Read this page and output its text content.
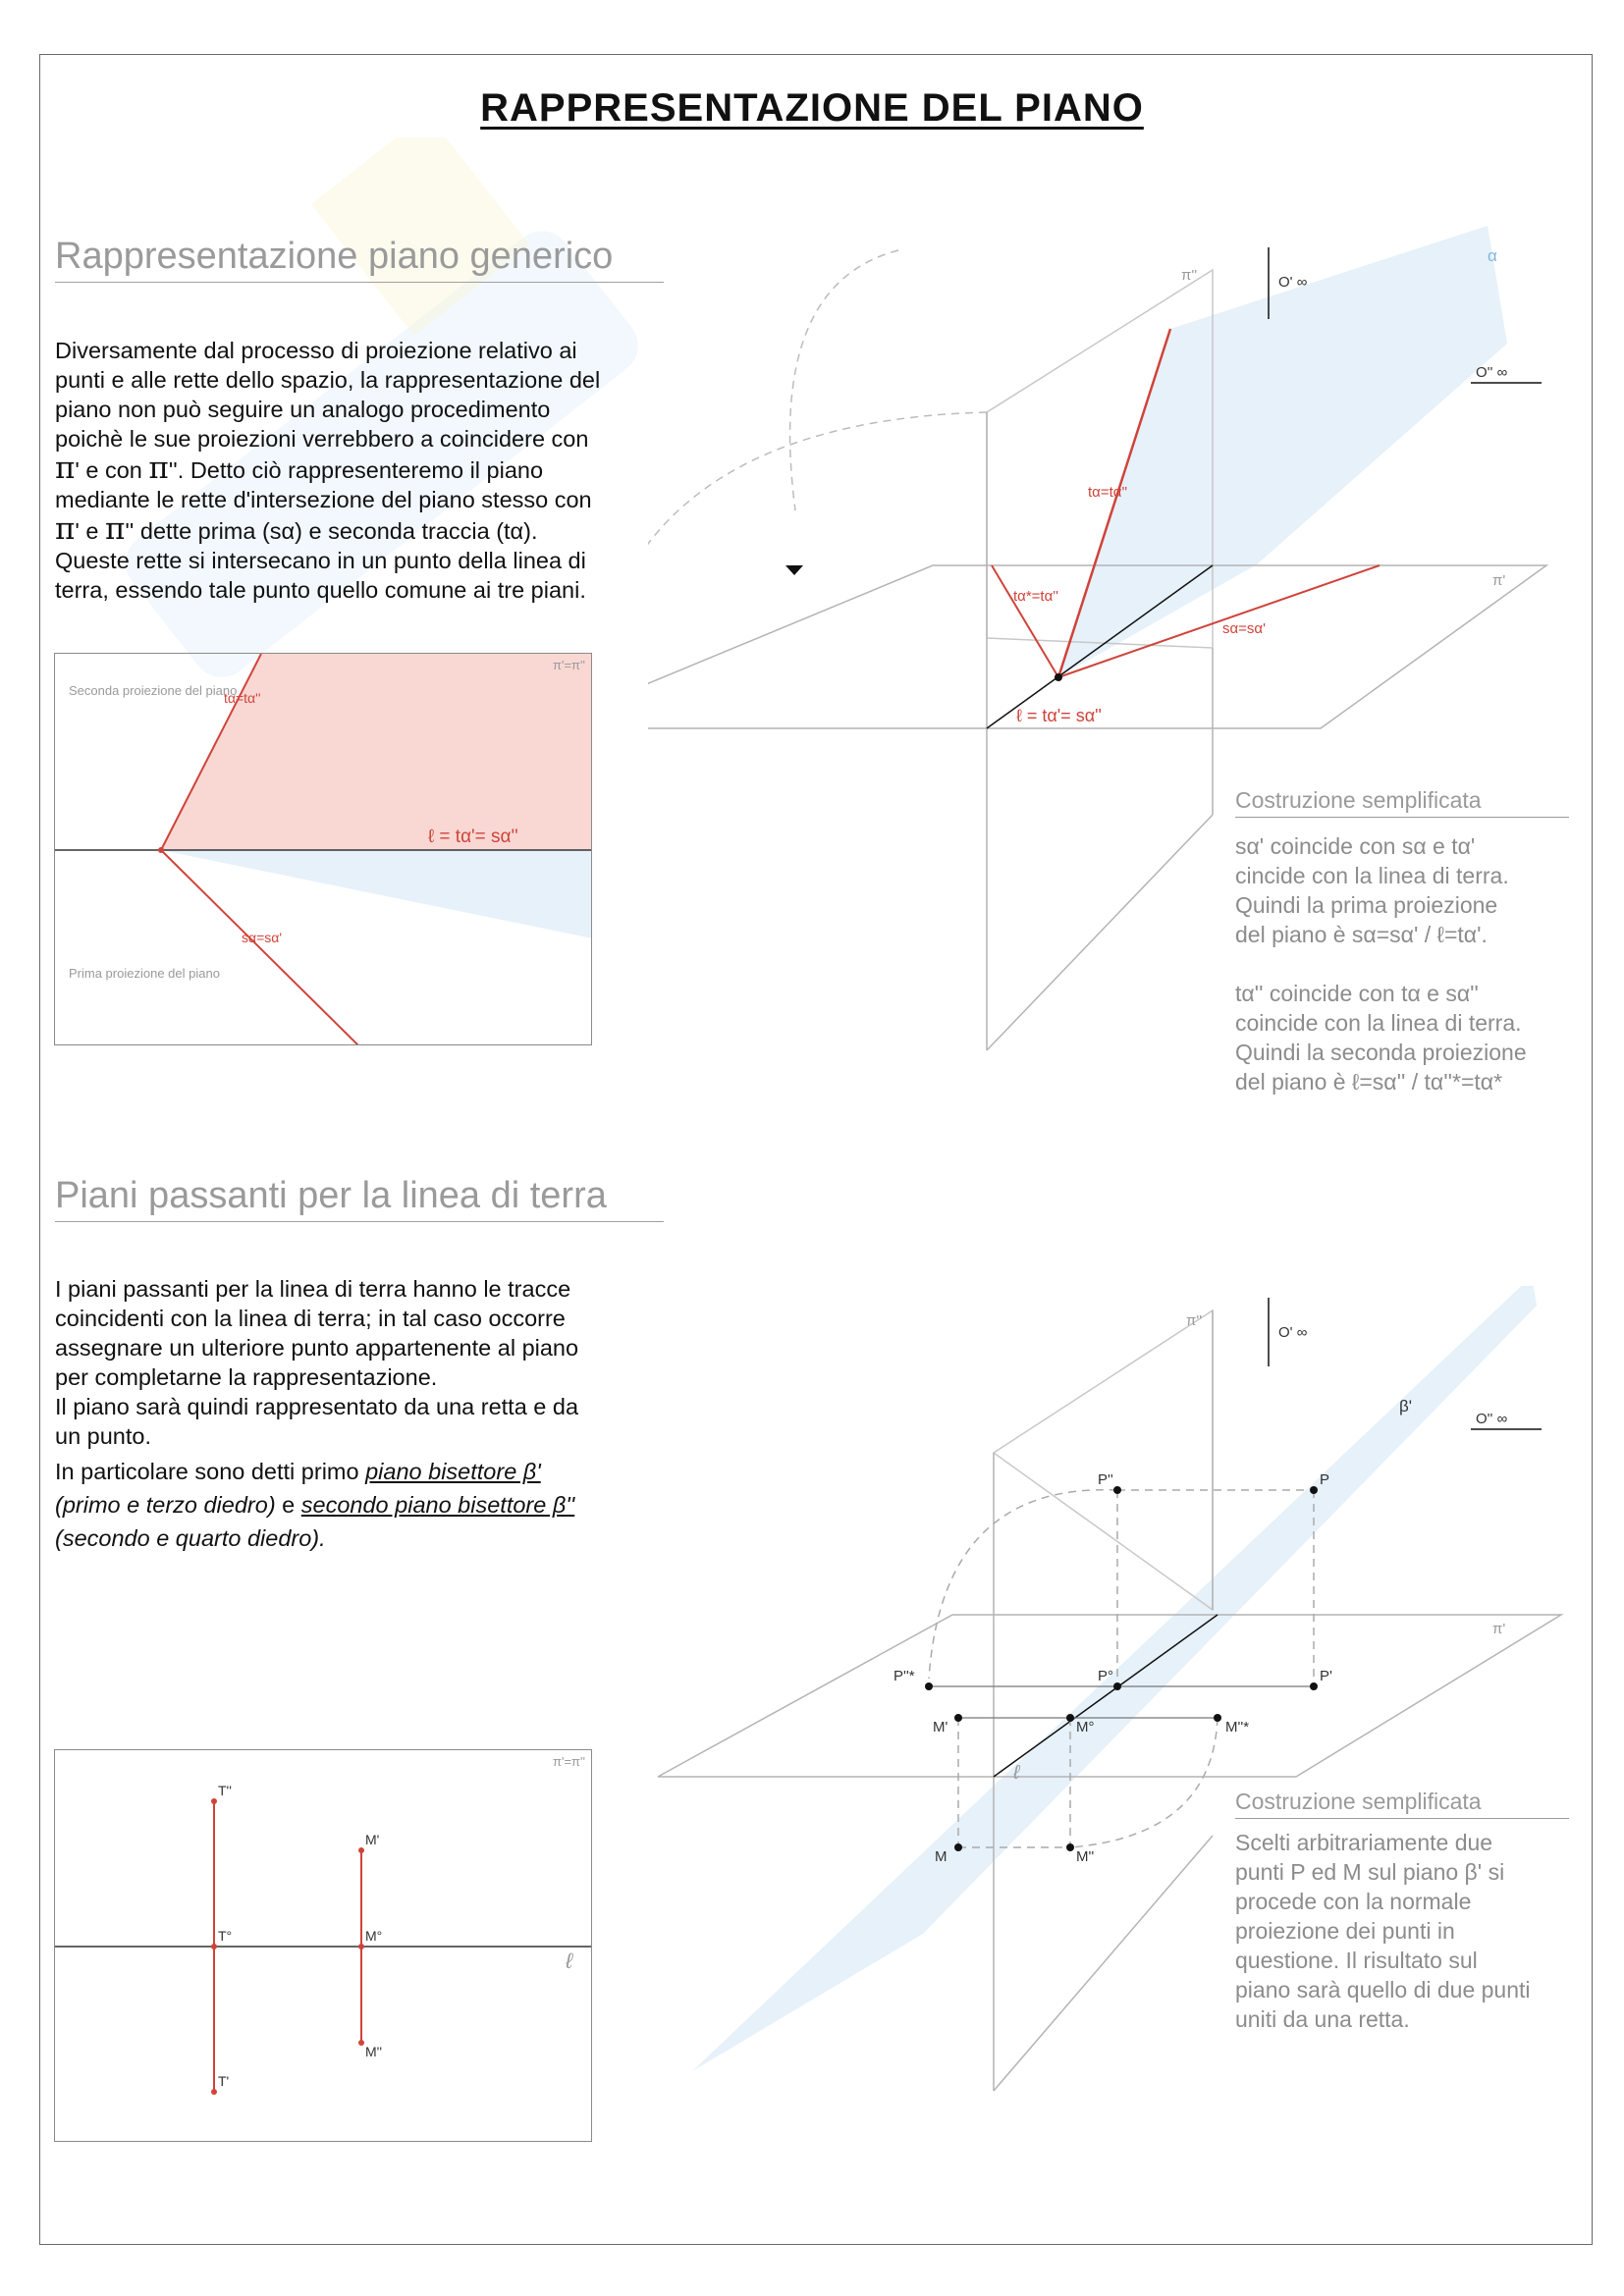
RAPPRESENTAZIONE DEL PIANO
Rappresentazione piano generico
Diversamente dal processo di proiezione relativo ai
punti e alle rette dello spazio, la rappresentazione del
piano non può seguire un analogo procedimento
poichè le sue proiezioni verrebbero a coincidere con
π' e con π''. Detto ciò rappresenteremo il piano
mediante le rette d'intersezione del piano stesso con
π' e π'' dette prima (sα) e seconda traccia (tα).
Queste rette si intersecano in un punto della linea di
terra, essendo tale punto quello comune ai tre piani.
π'=π''
Seconda proiezione del piano
Prima proiezione del piano
tα=tα''
sα=sα'
ℓ = tα'= sα''
O' ∞
O'' ∞
π''
π'
α
tα=tα''
tα*=tα''
sα=sα'
ℓ = tα'= sα''
Costruzione semplificata
sα' coincide con sα e tα'
cincide con la linea di terra.
Quindi la prima proiezione
del piano è sα=sα' / ℓ=tα'.
tα'' coincide con tα e sα''
coincide con la linea di terra.
Quindi la seconda proiezione
del piano è ℓ=sα'' / tα''*=tα*
Piani passanti per la linea di terra
I piani passanti per la linea di terra hanno le tracce
coincidenti con la linea di terra; in tal caso occorre
assegnare un ulteriore punto appartenente al piano
per completarne la rappresentazione.
Il piano sarà quindi rappresentato da una retta e da
un punto.
In particolare sono detti primo piano bisettore β'
(primo e terzo diedro) e secondo piano bisettore β''
(secondo e quarto diedro).
π'=π''
T''
T°
T'
M'
M°
M''
ℓ
O' ∞
O'' ∞
π''
π'
β'
P
P''
P'
P°
P''*
M'	M°	M''*
M	M''
ℓ
Costruzione semplificata
Scelti arbitrariamente due
punti P ed M sul piano β' si
procede con la normale
proiezione dei punti in
questione. Il risultato sul
piano sarà quello di due punti
uniti da una retta.
